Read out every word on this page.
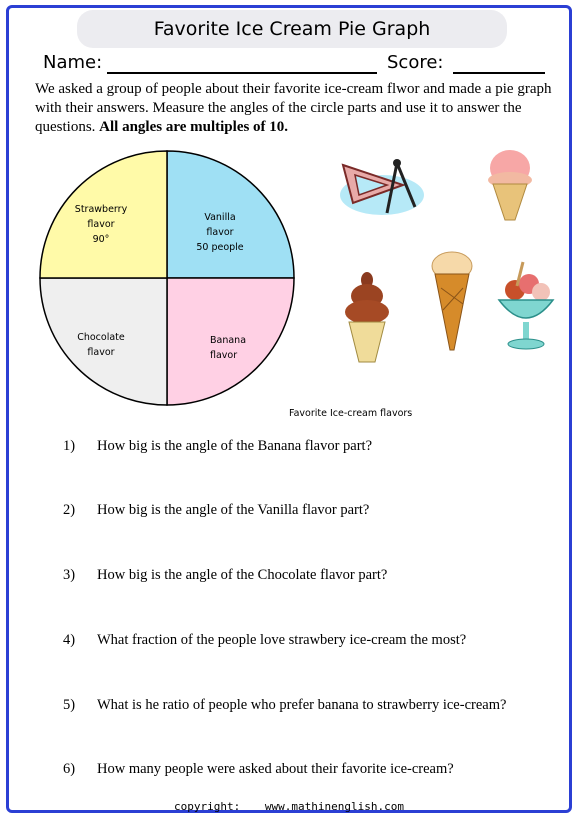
Favorite Ice Cream Pie Graph
Name:	Score:
We asked a group of people about their favorite ice-cream flwor and made a pie graph with their answers. Measure the angles of the circle parts and use it to answer the questions. All angles are multiples of 10.
Strawberry
flavor
90°
Vanilla
flavor
50 people
Chocolate
flavor
Banana
flavor
Favorite Ice-cream flavors
1) How big is the angle of the Banana flavor part?
2) How big is the angle of the Vanilla flavor part?
3) How big is the angle of the Chocolate flavor part?
4) What fraction of the people love strawbery ice-cream the most?
5) What is he ratio of people who prefer banana to strawberry ice-cream?
6) How many people were asked about their favorite ice-cream?
copyright: www.mathinenglish.com
